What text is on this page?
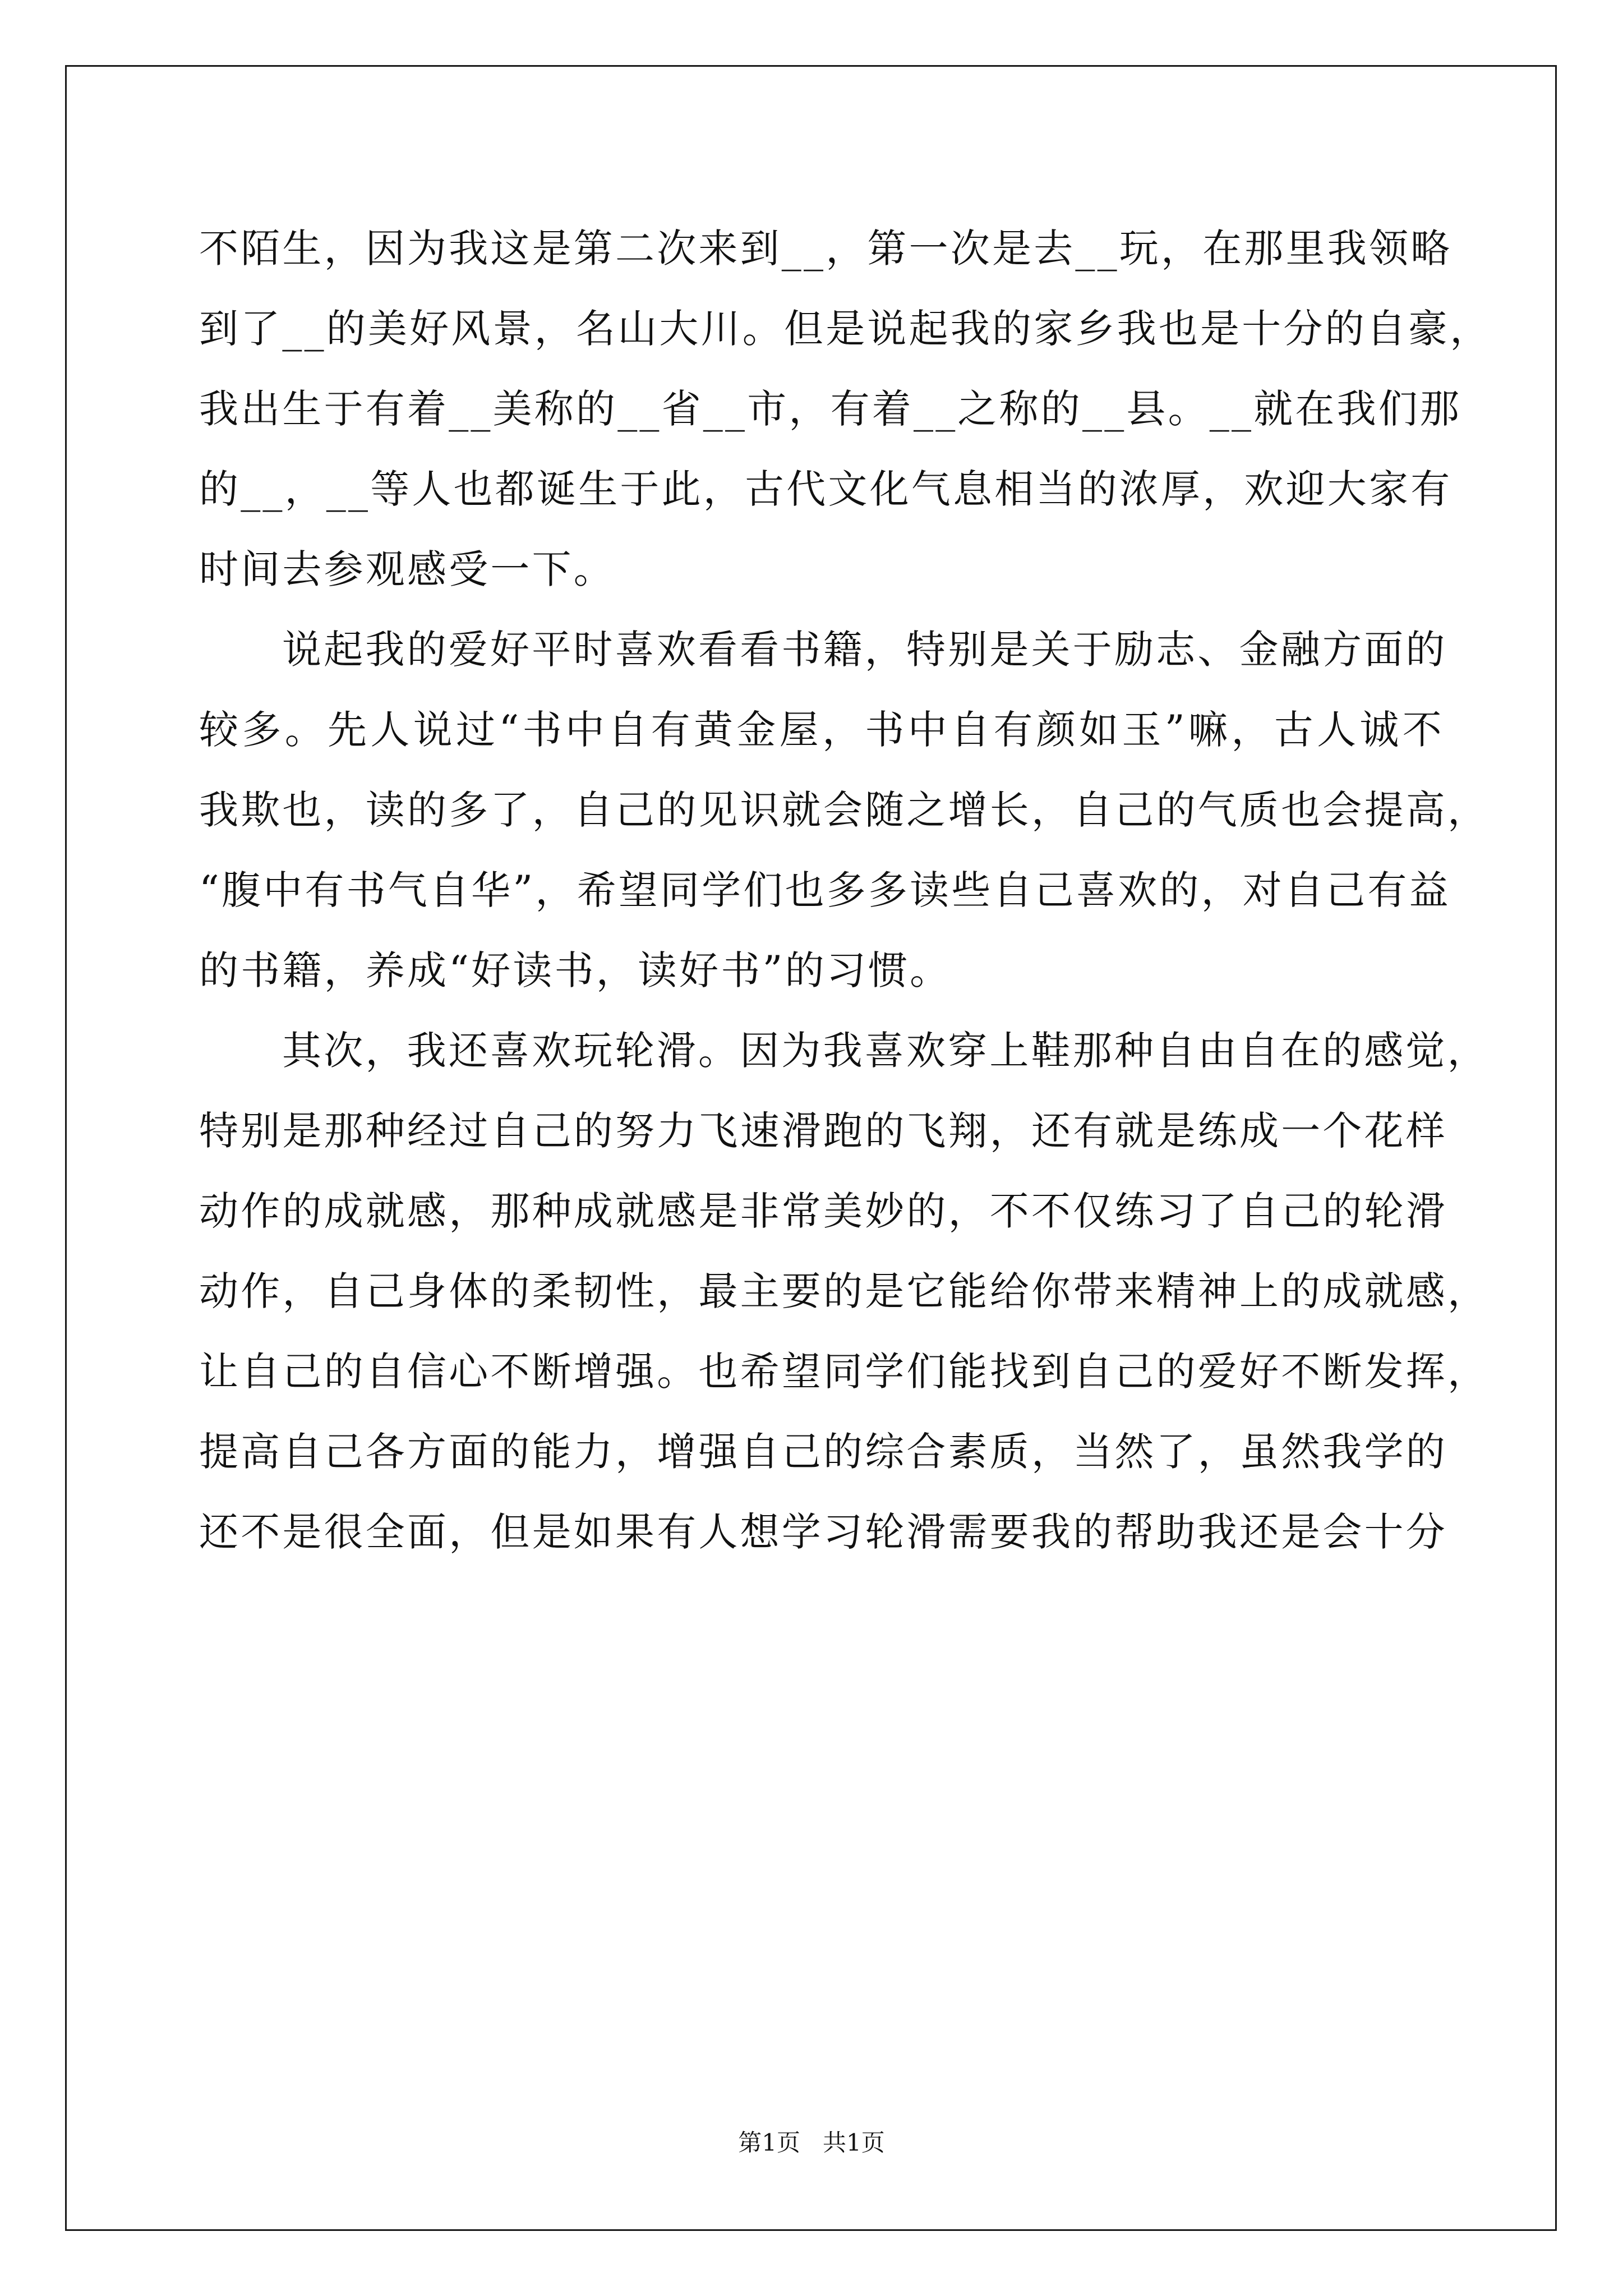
不陌生，因为我这是第二次来到__，第一次是去__玩，在那里我领略
到了__的美好风景，名山大川。但是说起我的家乡我也是十分的自豪，
我出生于有着__美称的__省__市，有着__之称的__县。__就在我们那
的__，__等人也都诞生于此，古代文化气息相当的浓厚，欢迎大家有
时间去参观感受一下。
说起我的爱好平时喜欢看看书籍，特别是关于励志、金融方面的
较多。先人说过“书中自有黄金屋，书中自有颜如玉”嘛，古人诚不
我欺也，读的多了，自己的见识就会随之增长，自己的气质也会提高，
“腹中有书气自华”，希望同学们也多多读些自己喜欢的，对自己有益
的书籍，养成“好读书，读好书”的习惯。
其次，我还喜欢玩轮滑。因为我喜欢穿上鞋那种自由自在的感觉，
特别是那种经过自己的努力飞速滑跑的飞翔，还有就是练成一个花样
动作的成就感，那种成就感是非常美妙的，不不仅练习了自己的轮滑
动作，自己身体的柔韧性，最主要的是它能给你带来精神上的成就感，
让自己的自信心不断增强。也希望同学们能找到自己的爱好不断发挥，
提高自己各方面的能力，增强自己的综合素质，当然了，虽然我学的
还不是很全面，但是如果有人想学习轮滑需要我的帮助我还是会十分
第1页 共1页
